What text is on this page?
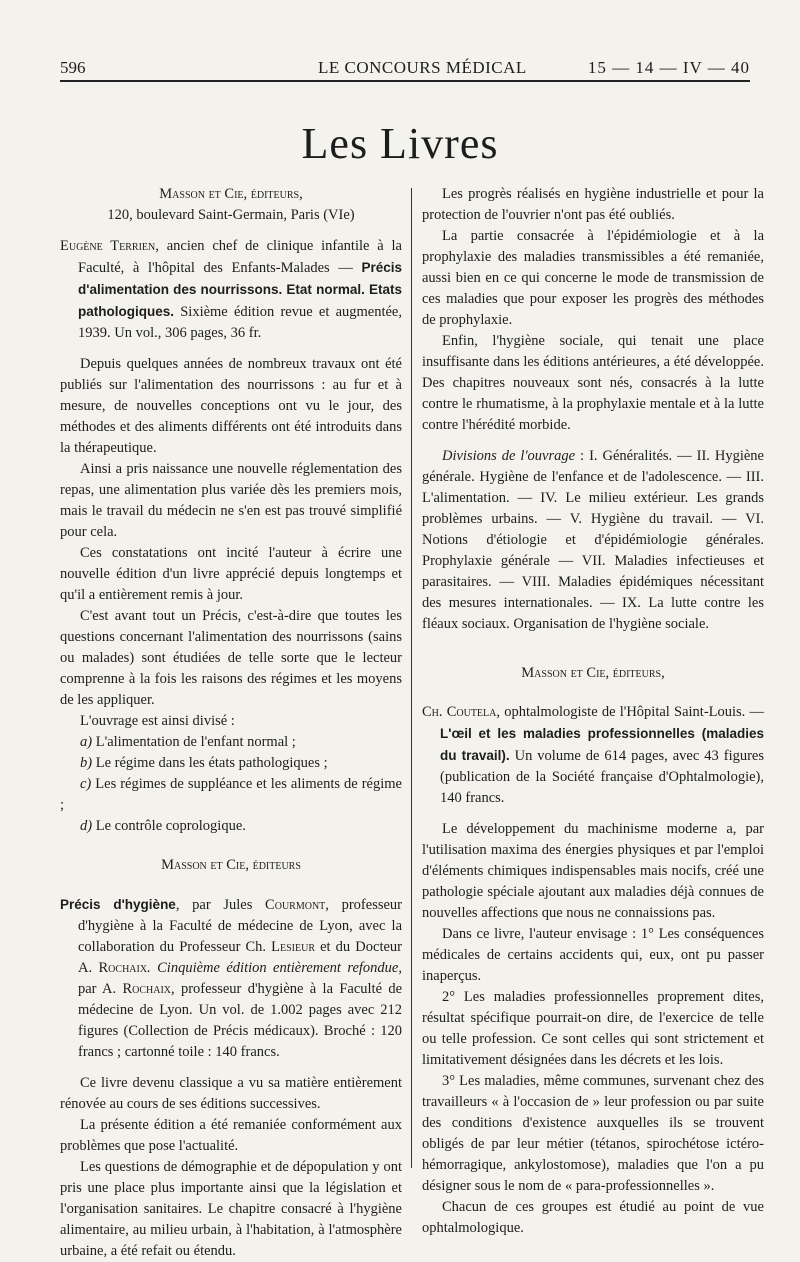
596	LE CONCOURS MÉDICAL	15 — 14 — IV — 40
Les Livres

Masson et Cie, éditeurs,

120, boulevard Saint-Germain, Paris (VIe)

Eugène Terrien, ancien chef de clinique infantile à la Faculté, à l'hôpital des Enfants-Malades — Précis d'alimentation des nourrissons. Etat normal. Etats pathologiques. Sixième édition revue et augmentée, 1939. Un vol., 306 pages, 36 fr.

Depuis quelques années de nombreux travaux ont été publiés sur l'alimentation des nourrissons : au fur et à mesure, de nouvelles conceptions ont vu le jour, des méthodes et des aliments différents ont été introduits dans la thérapeutique.

Ainsi a pris naissance une nouvelle réglementation des repas, une alimentation plus variée dès les premiers mois, mais le travail du médecin ne s'en est pas trouvé simplifié pour cela.

Ces constatations ont incité l'auteur à écrire une nouvelle édition d'un livre apprécié depuis longtemps et qu'il a entièrement remis à jour.

C'est avant tout un Précis, c'est-à-dire que toutes les questions concernant l'alimentation des nourrissons (sains ou malades) sont étudiées de telle sorte que le lecteur comprenne à la fois les raisons des régimes et les moyens de les appliquer.

L'ouvrage est ainsi divisé :

a) L'alimentation de l'enfant normal ;

b) Le régime dans les états pathologiques ;

c) Les régimes de suppléance et les aliments de régime ;

d) Le contrôle coprologique.

Masson et Cie, éditeurs

Précis d'hygiène, par Jules Courmont, professeur d'hygiène à la Faculté de médecine de Lyon, avec la collaboration du Professeur Ch. Lesieur et du Docteur A. Rochaix. Cinquième édition entièrement refondue, par A. Rochaix, professeur d'hygiène à la Faculté de médecine de Lyon. Un vol. de 1.002 pages avec 212 figures (Collection de Précis médicaux). Broché : 120 francs ; cartonné toile : 140 francs.

Ce livre devenu classique a vu sa matière entièrement rénovée au cours de ses éditions successives.

La présente édition a été remaniée conformément aux problèmes que pose l'actualité.

Les questions de démographie et de dépopulation y ont pris une place plus importante ainsi que la législation et l'organisation sanitaires. Le chapitre consacré à l'hygiène alimentaire, au milieu urbain, à l'habitation, à l'atmosphère urbaine, a été refait ou étendu.

Les progrès réalisés en hygiène industrielle et pour la protection de l'ouvrier n'ont pas été oubliés.

La partie consacrée à l'épidémiologie et à la prophylaxie des maladies transmissibles a été remaniée, aussi bien en ce qui concerne le mode de transmission de ces maladies que pour exposer les progrès des méthodes de prophylaxie.

Enfin, l'hygiène sociale, qui tenait une place insuffisante dans les éditions antérieures, a été développée. Des chapitres nouveaux sont nés, consacrés à la lutte contre le rhumatisme, à la prophylaxie mentale et à la lutte contre l'hérédité morbide.

Divisions de l'ouvrage : I. Généralités. — II. Hygiène générale. Hygiène de l'enfance et de l'adolescence. — III. L'alimentation. — IV. Le milieu extérieur. Les grands problèmes urbains. — V. Hygiène du travail. — VI. Notions d'étiologie et d'épidémiologie générales. Prophylaxie générale — VII. Maladies infectieuses et parasitaires. — VIII. Maladies épidémiques nécessitant des mesures internationales. — IX. La lutte contre les fléaux sociaux. Organisation de l'hygiène sociale.

Masson et Cie, éditeurs,

Ch. Coutela, ophtalmologiste de l'Hôpital Saint-Louis. — L'œil et les maladies professionnelles (maladies du travail). Un volume de 614 pages, avec 43 figures (publication de la Société française d'Ophtalmologie), 140 francs.

Le développement du machinisme moderne a, par l'utilisation maxima des énergies physiques et par l'emploi d'éléments chimiques indispensables mais nocifs, créé une pathologie spéciale ajoutant aux maladies déjà connues de nouvelles affections que nous ne connaissions pas.

Dans ce livre, l'auteur envisage : 1° Les conséquences médicales de certains accidents qui, eux, ont pu passer inaperçus.

2° Les maladies professionnelles proprement dites, résultat spécifique pourrait-on dire, de l'exercice de telle ou telle profession. Ce sont celles qui sont strictement et limitativement désignées dans les décrets et les lois.

3° Les maladies, même communes, survenant chez des travailleurs « à l'occasion de » leur profession ou par suite des conditions d'existence auxquelles ils se trouvent obligés de par leur métier (tétanos, spirochétose ictéro-hémorragique, ankylostomose), maladies que l'on a pu désigner sous le nom de « para-professionnelles ».

Chacun de ces groupes est étudié au point de vue ophtalmologique.
